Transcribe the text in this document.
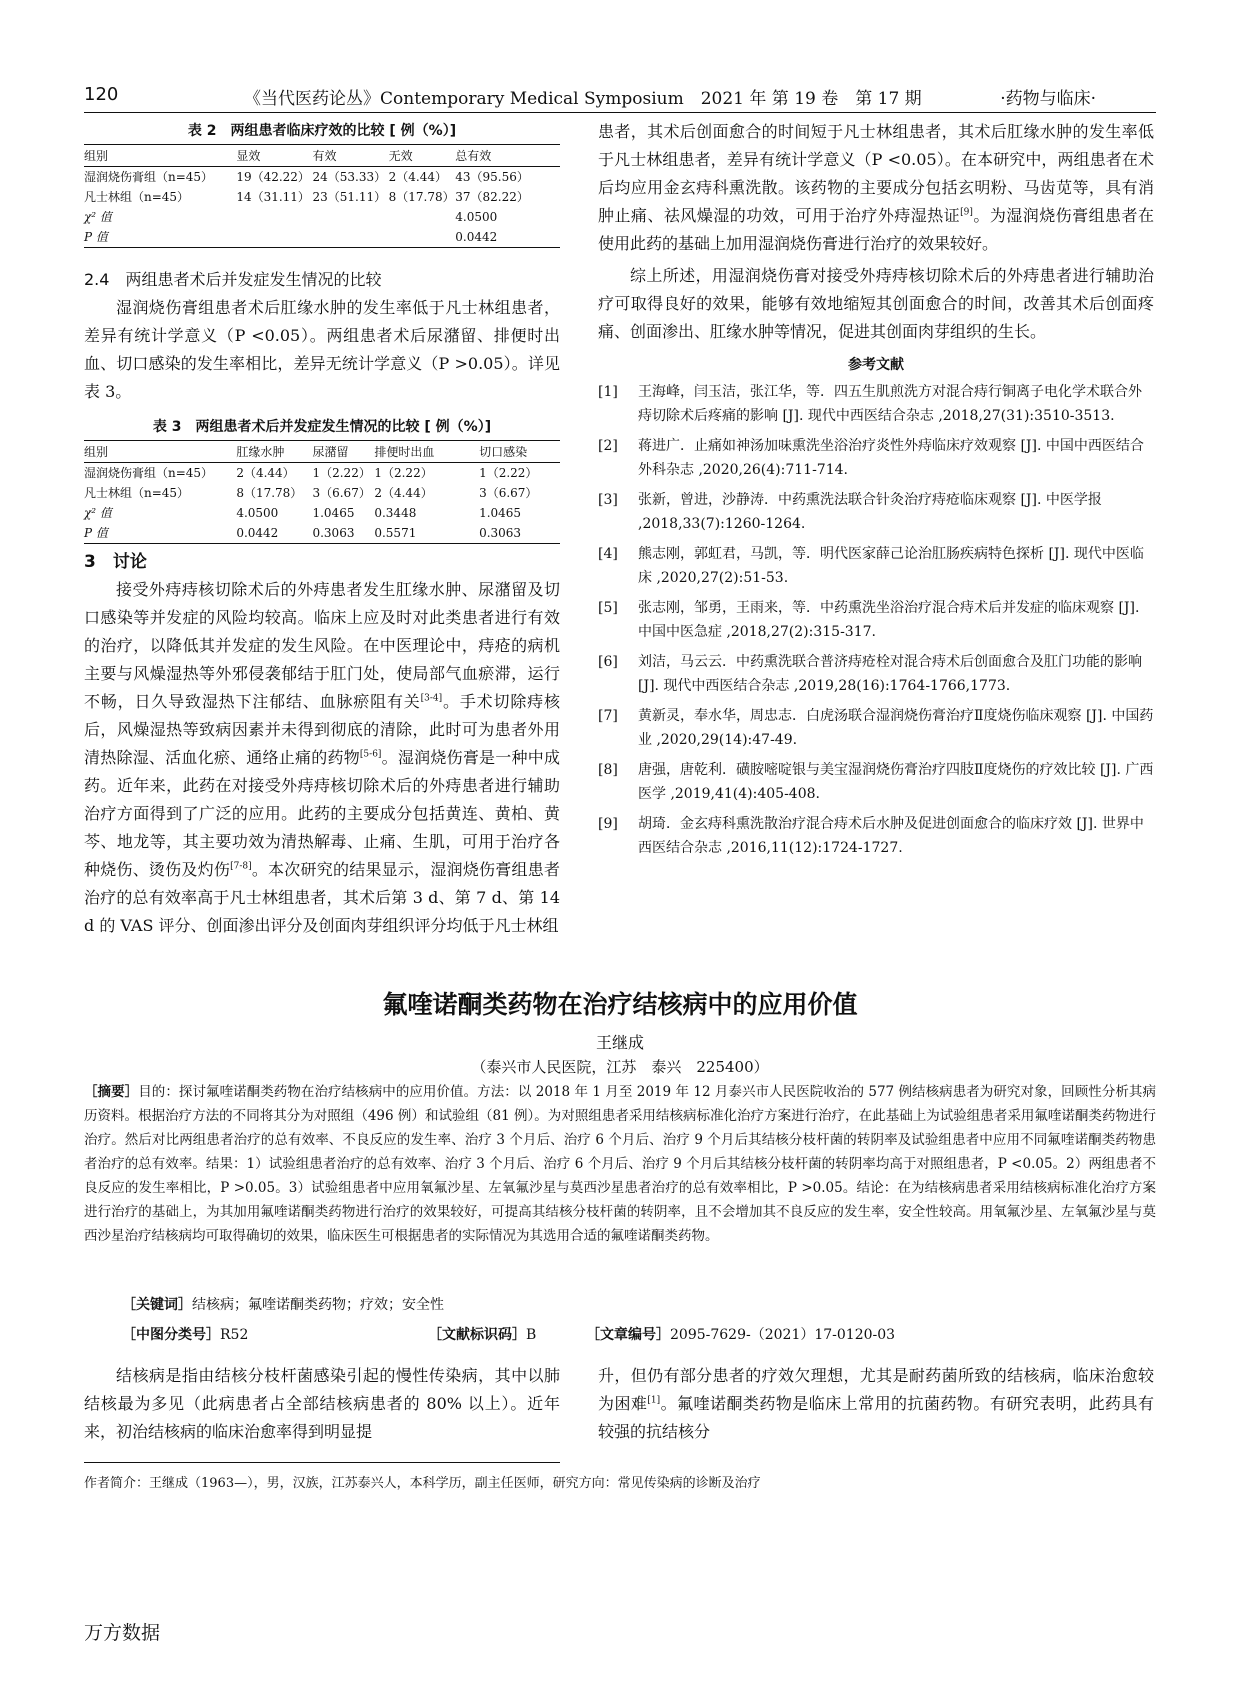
120	《当代医药论丛》Contemporary Medical Symposium　2021 年 第 19 卷　第 17 期	·药物与临床·
表 2　两组患者临床疗效的比较 [ 例（%）]
组别	显效	有效	无效	总有效
湿润烧伤膏组（n=45）	19（42.22）	24（53.33）	2（4.44）	43（95.56）
凡士林组（n=45）	14（31.11）	23（51.11）	8（17.78）	37（82.22）
χ² 值				4.0500
P 值				0.0442
2.4　两组患者术后并发症发生情况的比较

湿润烧伤膏组患者术后肛缘水肿的发生率低于凡士林组患者，差异有统计学意义（P <0.05）。两组患者术后尿潴留、排便时出血、切口感染的发生率相比，差异无统计学意义（P >0.05）。详见表 3。

表 3　两组患者术后并发症发生情况的比较 [ 例（%）]
组别	肛缘水肿	尿潴留	排便时出血	切口感染
湿润烧伤膏组（n=45）	2（4.44）	1（2.22）	1（2.22）	1（2.22）
凡士林组（n=45）	8（17.78）	3（6.67）	2（4.44）	3（6.67）
χ² 值	4.0500	1.0465	0.3448	1.0465
P 值	0.0442	0.3063	0.5571	0.3063
3　讨论

接受外痔痔核切除术后的外痔患者发生肛缘水肿、尿潴留及切口感染等并发症的风险均较高。临床上应及时对此类患者进行有效的治疗，以降低其并发症的发生风险。在中医理论中，痔疮的病机主要与风燥湿热等外邪侵袭郁结于肛门处，使局部气血瘀滞，运行不畅，日久导致湿热下注郁结、血脉瘀阻有关[3-4]。手术切除痔核后，风燥湿热等致病因素并未得到彻底的清除，此时可为患者外用清热除湿、活血化瘀、通络止痛的药物[5-6]。湿润烧伤膏是一种中成药。近年来，此药在对接受外痔痔核切除术后的外痔患者进行辅助治疗方面得到了广泛的应用。此药的主要成分包括黄连、黄柏、黄芩、地龙等，其主要功效为清热解毒、止痛、生肌，可用于治疗各种烧伤、烫伤及灼伤[7-8]。本次研究的结果显示，湿润烧伤膏组患者治疗的总有效率高于凡士林组患者，其术后第 3 d、第 7 d、第 14 d 的 VAS 评分、创面渗出评分及创面肉芽组织评分均低于凡士林组

患者，其术后创面愈合的时间短于凡士林组患者，其术后肛缘水肿的发生率低于凡士林组患者，差异有统计学意义（P <0.05）。在本研究中，两组患者在术后均应用金玄痔科熏洗散。该药物的主要成分包括玄明粉、马齿苋等，具有消肿止痛、祛风燥湿的功效，可用于治疗外痔湿热证[9]。为湿润烧伤膏组患者在使用此药的基础上加用湿润烧伤膏进行治疗的效果较好。

综上所述，用湿润烧伤膏对接受外痔痔核切除术后的外痔患者进行辅助治疗可取得良好的效果，能够有效地缩短其创面愈合的时间，改善其术后创面疼痛、创面渗出、肛缘水肿等情况，促进其创面肉芽组织的生长。

参考文献
[1] 王海峰，闫玉洁，张江华，等．四五生肌煎洗方对混合痔行铜离子电化学术联合外痔切除术后疼痛的影响 [J]. 现代中西医结合杂志 ,2018,27(31):3510-3513.
[2] 蒋进广．止痛如神汤加味熏洗坐浴治疗炎性外痔临床疗效观察 [J]. 中国中西医结合外科杂志 ,2020,26(4):711-714.
[3] 张新，曾进，沙静涛．中药熏洗法联合针灸治疗痔疮临床观察 [J]. 中医学报 ,2018,33(7):1260-1264.
[4] 熊志刚，郭虹君，马凯，等．明代医家薛己论治肛肠疾病特色探析 [J]. 现代中医临床 ,2020,27(2):51-53.
[5] 张志刚，邹勇，王雨来，等．中药熏洗坐浴治疗混合痔术后并发症的临床观察 [J]. 中国中医急症 ,2018,27(2):315-317.
[6] 刘洁，马云云．中药熏洗联合普济痔疮栓对混合痔术后创面愈合及肛门功能的影响 [J]. 现代中西医结合杂志 ,2019,28(16):1764-1766,1773.
[7] 黄新灵，奉水华，周忠志．白虎汤联合湿润烧伤膏治疗Ⅱ度烧伤临床观察 [J]. 中国药业 ,2020,29(14):47-49.
[8] 唐强，唐乾利．磺胺嘧啶银与美宝湿润烧伤膏治疗四肢Ⅱ度烧伤的疗效比较 [J]. 广西医学 ,2019,41(4):405-408.
[9] 胡琦．金玄痔科熏洗散治疗混合痔术后水肿及促进创面愈合的临床疗效 [J]. 世界中西医结合杂志 ,2016,11(12):1724-1727.
氟喹诺酮类药物在治疗结核病中的应用价值
王继成
（泰兴市人民医院，江苏　泰兴　225400）
［摘要］目的：探讨氟喹诺酮类药物在治疗结核病中的应用价值。方法：以 2018 年 1 月至 2019 年 12 月泰兴市人民医院收治的 577 例结核病患者为研究对象，回顾性分析其病历资料。根据治疗方法的不同将其分为对照组（496 例）和试验组（81 例）。为对照组患者采用结核病标准化治疗方案进行治疗，在此基础上为试验组患者采用氟喹诺酮类药物进行治疗。然后对比两组患者治疗的总有效率、不良反应的发生率、治疗 3 个月后、治疗 6 个月后、治疗 9 个月后其结核分枝杆菌的转阴率及试验组患者中应用不同氟喹诺酮类药物患者治疗的总有效率。结果：1）试验组患者治疗的总有效率、治疗 3 个月后、治疗 6 个月后、治疗 9 个月后其结核分枝杆菌的转阴率均高于对照组患者，P <0.05。2）两组患者不良反应的发生率相比，P >0.05。3）试验组患者中应用氧氟沙星、左氧氟沙星与莫西沙星患者治疗的总有效率相比，P >0.05。结论：在为结核病患者采用结核病标准化治疗方案进行治疗的基础上，为其加用氟喹诺酮类药物进行治疗的效果较好，可提高其结核分枝杆菌的转阴率，且不会增加其不良反应的发生率，安全性较高。用氧氟沙星、左氧氟沙星与莫西沙星治疗结核病均可取得确切的效果，临床医生可根据患者的实际情况为其选用合适的氟喹诺酮类药物。
［关键词］结核病；氟喹诺酮类药物；疗效；安全性
［中图分类号］R52	［文献标识码］B	［文章编号］2095-7629-（2021）17-0120-03

结核病是指由结核分枝杆菌感染引起的慢性传染病，其中以肺结核最为多见（此病患者占全部结核病患者的 80% 以上）。近年来，初治结核病的临床治愈率得到明显提

升，但仍有部分患者的疗效欠理想，尤其是耐药菌所致的结核病，临床治愈较为困难[1]。氟喹诺酮类药物是临床上常用的抗菌药物。有研究表明，此药具有较强的抗结核分

作者简介：王继成（1963—），男，汉族，江苏泰兴人，本科学历，副主任医师，研究方向：常见传染病的诊断及治疗
万方数据
